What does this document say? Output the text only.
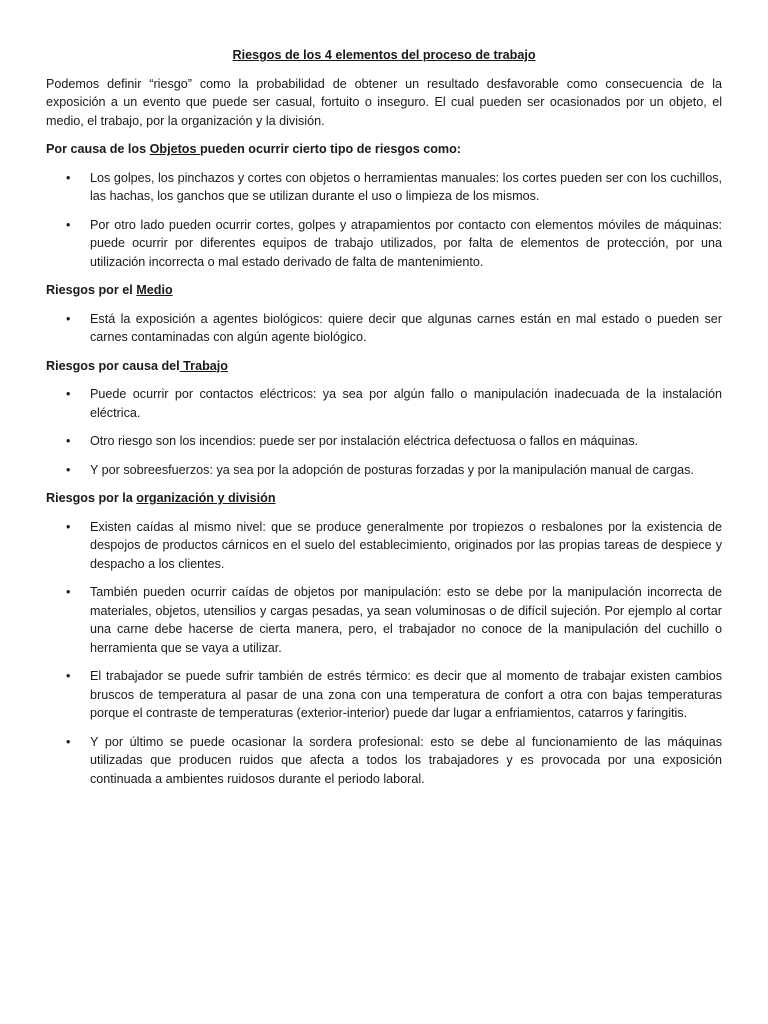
Riesgos de los 4 elementos del proceso de trabajo

Podemos definir “riesgo” como la probabilidad de obtener un resultado desfavorable como consecuencia de la exposición a un evento que puede ser casual, fortuito o inseguro. El cual pueden ser ocasionados por un objeto, el medio, el trabajo, por la organización y la división.

Por causa de los Objetos pueden ocurrir cierto tipo de riesgos como:
• Los golpes, los pinchazos y cortes con objetos o herramientas manuales: los cortes pueden ser con los cuchillos, las hachas, los ganchos que se utilizan durante el uso o limpieza de los mismos.
• Por otro lado pueden ocurrir cortes, golpes y atrapamientos por contacto con elementos móviles de máquinas: puede ocurrir por diferentes equipos de trabajo utilizados, por falta de elementos de protección, por una utilización incorrecta o mal estado derivado de falta de mantenimiento.
Riesgos por el Medio
• Está la exposición a agentes biológicos: quiere decir que algunas carnes están en mal estado o pueden ser carnes contaminadas con algún agente biológico.
Riesgos por causa del Trabajo
• Puede ocurrir por contactos eléctricos: ya sea por algún fallo o manipulación inadecuada de la instalación eléctrica.
• Otro riesgo son los incendios: puede ser por instalación eléctrica defectuosa o fallos en máquinas.
• Y por sobreesfuerzos: ya sea por la adopción de posturas forzadas y por la manipulación manual de cargas.
Riesgos por la organización y división
• Existen caídas al mismo nivel: que se produce generalmente por tropiezos o resbalones por la existencia de despojos de productos cárnicos en el suelo del establecimiento, originados por las propias tareas de despiece y despacho a los clientes.
• También pueden ocurrir caídas de objetos por manipulación: esto se debe por la manipulación incorrecta de materiales, objetos, utensilios y cargas pesadas, ya sean voluminosas o de difícil sujeción. Por ejemplo al cortar una carne debe hacerse de cierta manera, pero, el trabajador no conoce de la manipulación del cuchillo o herramienta que se vaya a utilizar.
• El trabajador se puede sufrir también de estrés térmico: es decir que al momento de trabajar existen cambios bruscos de temperatura al pasar de una zona con una temperatura de confort a otra con bajas temperaturas porque el contraste de temperaturas (exterior-interior) puede dar lugar a enfriamientos, catarros y faringitis.
• Y por último se puede ocasionar la sordera profesional: esto se debe al funcionamiento de las máquinas utilizadas que producen ruidos que afecta a todos los trabajadores y es provocada por una exposición continuada a ambientes ruidosos durante el periodo laboral.
